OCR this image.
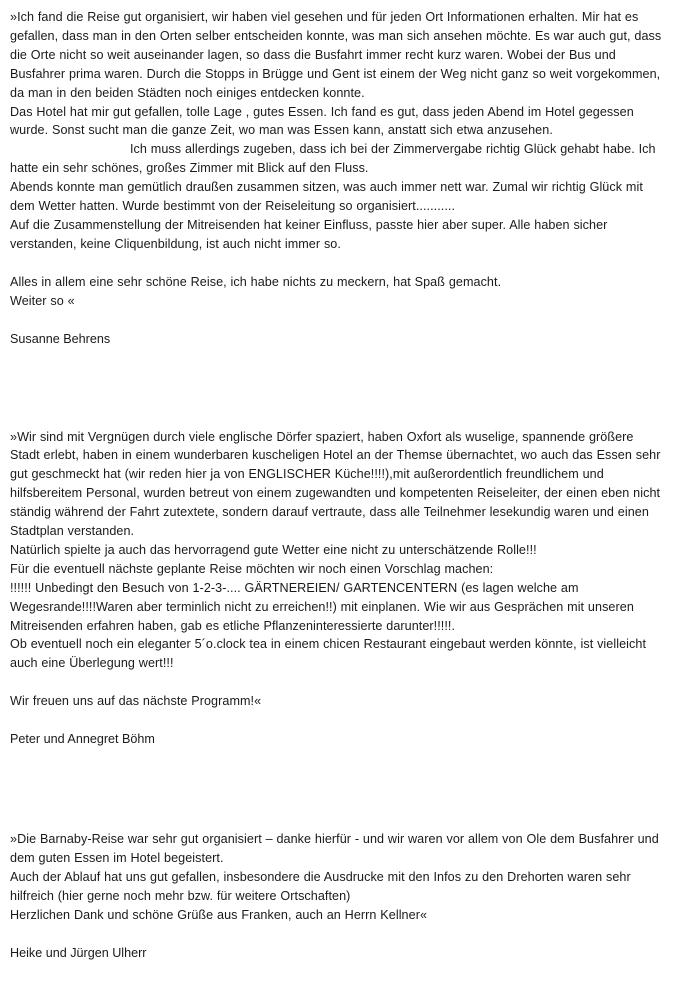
»Ich fand die Reise gut organisiert, wir haben viel gesehen und für jeden Ort Informationen erhalten. Mir hat es gefallen, dass man in den Orten selber entscheiden konnte, was man sich ansehen möchte. Es war auch gut, dass die Orte nicht so weit auseinander lagen, so dass die Busfahrt immer recht kurz waren. Wobei der Bus und Busfahrer prima waren. Durch die Stopps in Brügge und Gent ist einem der Weg nicht ganz so weit vorgekommen, da man in den beiden Städten noch einiges entdecken konnte.

Das Hotel hat mir gut gefallen, tolle Lage , gutes Essen. Ich fand es gut, dass jeden Abend im Hotel gegessen wurde. Sonst sucht man die ganze Zeit, wo man was Essen kann, anstatt sich etwa anzusehen.

Ich muss allerdings zugeben, dass ich bei der Zimmervergabe richtig Glück gehabt habe. Ich hatte ein sehr schönes, großes Zimmer mit Blick auf den Fluss.

Abends konnte man gemütlich draußen zusammen sitzen, was auch immer nett war. Zumal wir richtig Glück mit dem Wetter hatten. Wurde bestimmt von der Reiseleitung so organisiert...........

Auf die Zusammenstellung der Mitreisenden hat keiner Einfluss, passte hier aber super. Alle haben sicher verstanden, keine Cliquenbildung, ist auch nicht immer so.

Alles in allem eine sehr schöne Reise, ich habe nichts zu meckern, hat Spaß gemacht.

Weiter so «

Susanne Behrens

»Wir sind mit Vergnügen durch viele englische Dörfer spaziert, haben Oxfort als wuselige, spannende größere Stadt erlebt, haben in einem wunderbaren kuscheligen Hotel an der Themse übernachtet, wo auch das Essen sehr gut geschmeckt hat (wir reden hier ja von ENGLISCHER Küche!!!!),mit außerordentlich freundlichem und hilfsbereitem Personal, wurden betreut von einem zugewandten und kompetenten Reiseleiter, der einen eben nicht ständig während der Fahrt zutextete, sondern darauf vertraute, dass alle Teilnehmer lesekundig waren und einen Stadtplan verstanden.

Natürlich spielte ja auch das hervorragend gute Wetter eine nicht zu unterschätzende Rolle!!!

Für die eventuell nächste geplante Reise möchten wir noch einen Vorschlag machen:

!!!!!! Unbedingt den Besuch von 1-2-3-.... GÄRTNEREIEN/ GARTENCENTERN (es lagen welche am Wegesrande!!!!Waren aber terminlich nicht zu erreichen!!) mit einplanen. Wie wir aus Gesprächen mit unseren Mitreisenden erfahren haben, gab es etliche Pflanzeninteressierte darunter!!!!!.

Ob eventuell noch ein eleganter 5´o.clock tea in einem chicen Restaurant eingebaut werden könnte, ist vielleicht auch eine Überlegung wert!!!

Wir freuen uns auf das nächste Programm!«

Peter und Annegret Böhm

»Die Barnaby-Reise war sehr gut organisiert – danke hierfür - und wir waren vor allem von Ole dem Busfahrer und dem guten Essen im Hotel begeistert.

Auch der Ablauf hat uns gut gefallen, insbesondere die Ausdrucke mit den Infos zu den Drehorten waren sehr hilfreich (hier gerne noch mehr bzw. für weitere Ortschaften)

Herzlichen Dank und schöne Grüße aus Franken, auch an Herrn Kellner«

Heike und Jürgen Ulherr
